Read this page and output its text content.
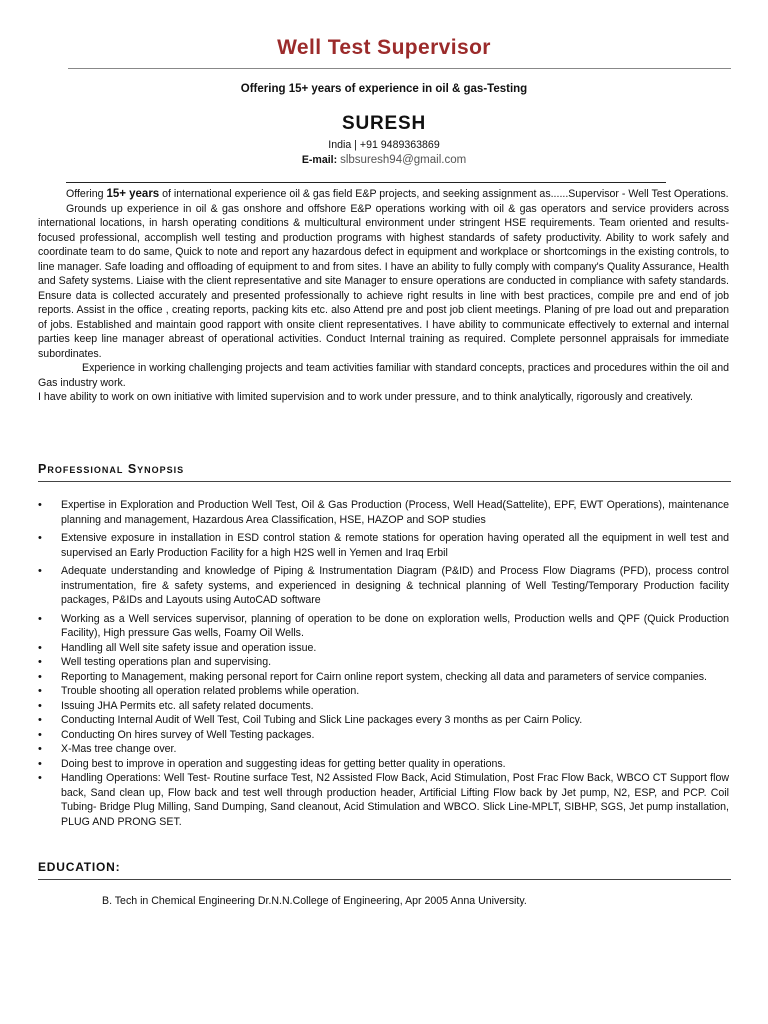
Well Test Supervisor
Offering 15+ years of experience in oil & gas-Testing
SURESH
India | +91 9489363869
E-mail: slbsuresh94@gmail.com

Offering 15+ years of international experience oil & gas field E&P projects, and seeking assignment as......Supervisor - Well Test Operations.

Grounds up experience in oil & gas onshore and offshore E&P operations working with oil & gas operators and service providers across international locations, in harsh operating conditions & multicultural environment under stringent HSE requirements. Team oriented and results-focused professional, accomplish well testing and production programs with highest standards of safety productivity. Ability to work safely and coordinate team to do same, Quick to note and report any hazardous defect in equipment and workplace or shortcomings in the existing controls, to line manager. Safe loading and offloading of equipment to and from sites. I have an ability to fully comply with company's Quality Assurance, Health and Safety systems. Liaise with the client representative and site Manager to ensure operations are conducted in compliance with safety standards. Ensure data is collected accurately and presented professionally to achieve right results in line with best practices, compile pre and end of job reports. Assist in the office , creating reports, packing kits etc. also Attend pre and post job client meetings. Planing of pre load out and preparation of jobs. Established and maintain good rapport with onsite client representatives. I have ability to communicate effectively to external and internal parties keep line manager abreast of operational activities. Conduct Internal training as required. Complete personnel appraisals for immediate subordinates.

Experience in working challenging projects and team activities familiar with standard concepts, practices and procedures within the oil and Gas industry work.

I have ability to work on own initiative with limited supervision and to work under pressure, and to think analytically, rigorously and creatively.

Professional Synopsis
• Expertise in Exploration and Production Well Test, Oil & Gas Production (Process, Well Head(Sattelite), EPF, EWT Operations), maintenance planning and management, Hazardous Area Classification, HSE, HAZOP and SOP studies
• Extensive exposure in installation in ESD control station & remote stations for operation having operated all the equipment in well test and supervised an Early Production Facility for a high H2S well in Yemen and Iraq Erbil
• Adequate understanding and knowledge of Piping & Instrumentation Diagram (P&ID) and Process Flow Diagrams (PFD), process control instrumentation, fire & safety systems, and experienced in designing & technical planning of Well Testing/Temporary Production facility packages, P&IDs and Layouts using AutoCAD software
• Working as a Well services supervisor, planning of operation to be done on exploration wells, Production wells and QPF (Quick Production Facility), High pressure Gas wells, Foamy Oil Wells.
• Handling all Well site safety issue and operation issue.
• Well testing operations plan and supervising.
• Reporting to Management, making personal report for Cairn online report system, checking all data and parameters of service companies.
• Trouble shooting all operation related problems while operation.
• Issuing JHA Permits etc. all safety related documents.
• Conducting Internal Audit of Well Test, Coil Tubing and Slick Line packages every 3 months as per Cairn Policy.
• Conducting On hires survey of Well Testing packages.
• X-Mas tree change over.
• Doing best to improve in operation and suggesting ideas for getting better quality in operations.
• Handling Operations: Well Test- Routine surface Test, N2 Assisted Flow Back, Acid Stimulation, Post Frac Flow Back, WBCO CT Support flow back, Sand clean up, Flow back and test well through production header, Artificial Lifting Flow back by Jet pump, N2, ESP, and PCP. Coil Tubing- Bridge Plug Milling, Sand Dumping, Sand cleanout, Acid Stimulation and WBCO. Slick Line-MPLT, SIBHP, SGS, Jet pump installation, PLUG AND PRONG SET.
EDUCATION:
B. Tech in Chemical Engineering Dr.N.N.College of Engineering, Apr 2005 Anna University.
